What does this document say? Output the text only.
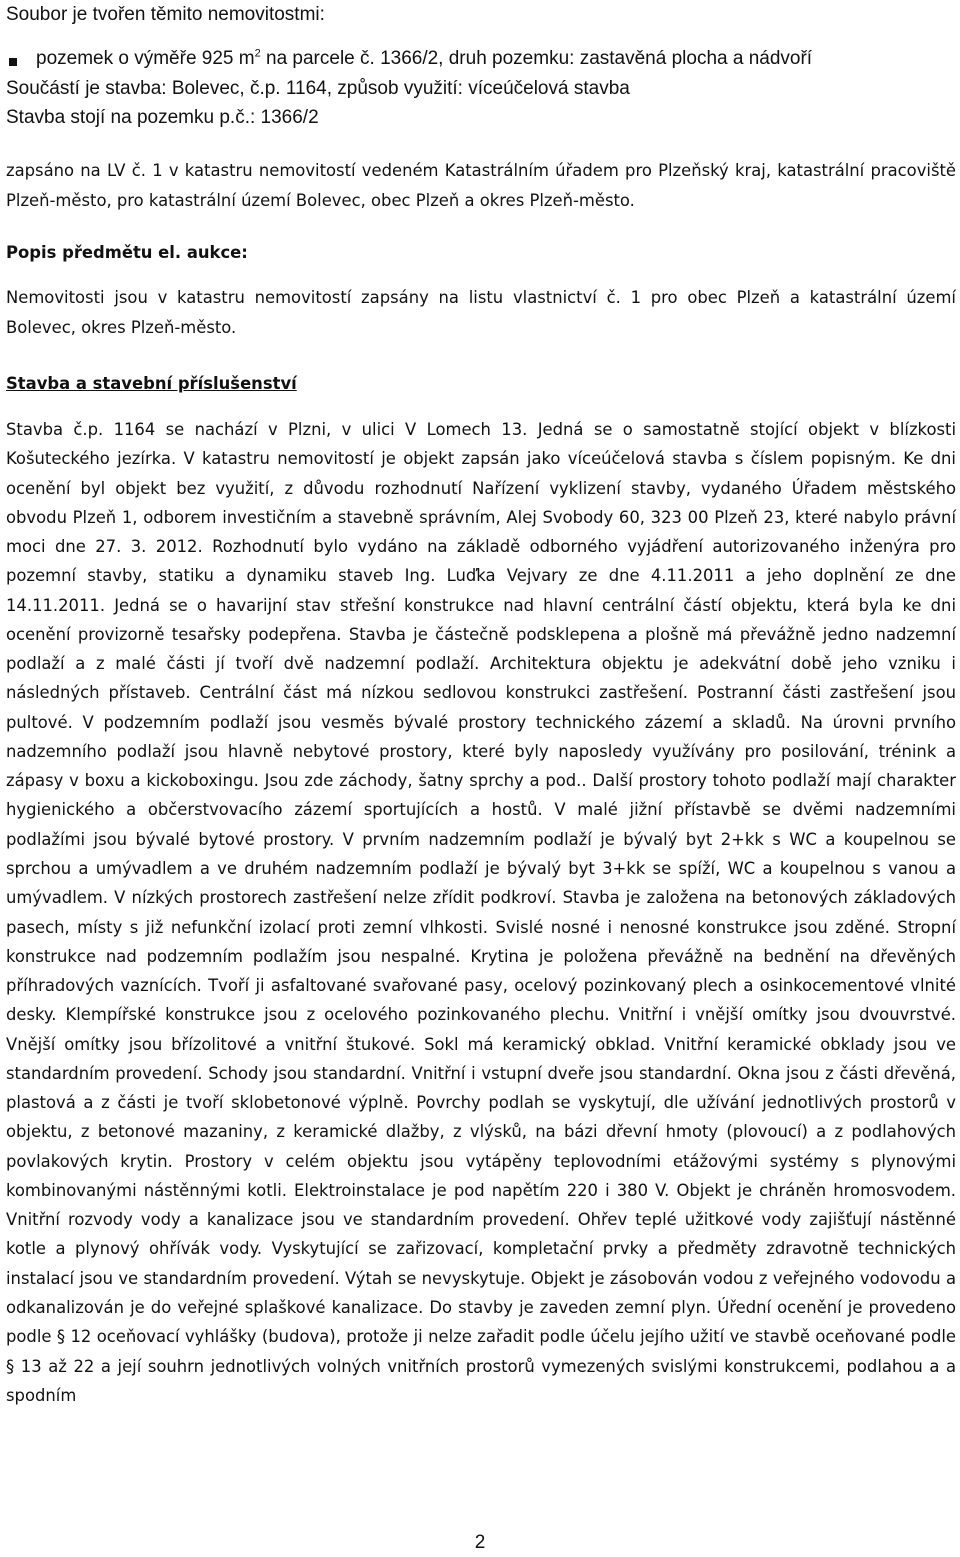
Soubor je tvořen těmito nemovitostmi:
pozemek o výměře 925 $m^2$ na parcele č. 1366/2, druh pozemku: zastavěná plocha a nádvoří
Součástí je stavba: Bolevec, č.p. 1164, způsob využití: víceúčelová stavba
Stavba stojí na pozemku p.č.: 1366/2
zapsáno na LV č. 1 v katastru nemovitostí vedeném Katastrálním úřadem pro Plzeňský kraj, katastrální pracoviště Plzeň-město, pro katastrální území Bolevec, obec Plzeň a okres Plzeň-město.
Popis předmětu el. aukce:
Nemovitosti jsou v katastru nemovitostí zapsány na listu vlastnictví č. 1 pro obec Plzeň a katastrální území Bolevec, okres Plzeň-město.
Stavba a stavební příslušenství
Stavba č.p. 1164 se nachází v Plzni, v ulici V Lomech 13. Jedná se o samostatně stojící objekt v blízkosti Košuteckého jezírka. V katastru nemovitostí je objekt zapsán jako víceúčelová stavba s číslem popisným. Ke dni ocenění byl objekt bez využití, z důvodu rozhodnutí Nařízení vyklizení stavby, vydaného Úřadem městského obvodu Plzeň 1, odborem investičním a stavebně správním, Alej Svobody 60, 323 00 Plzeň 23, které nabylo právní moci dne 27. 3. 2012. Rozhodnutí bylo vydáno na základě odborného vyjádření autorizovaného inženýra pro pozemní stavby, statiku a dynamiku staveb Ing. Luďka Vejvary ze dne 4.11.2011 a jeho doplnění ze dne 14.11.2011. Jedná se o havarijní stav střešní konstrukce nad hlavní centrální částí objektu, která byla ke dni ocenění provizorně tesařsky podepřena. Stavba je částečně podsklepena a plošně má převážně jedno nadzemní podlaží a z malé části jí tvoří dvě nadzemní podlaží. Architektura objektu je adekvátní době jeho vzniku i následných přístaveb. Centrální část má nízkou sedlovou konstrukci zastřešení. Postranní části zastřešení jsou pultové. V podzemním podlaží jsou vesměs bývalé prostory technického zázemí a skladů. Na úrovni prvního nadzemního podlaží jsou hlavně nebytové prostory, které byly naposledy využívány pro posilování, trénink a zápasy v boxu a kickoboxingu. Jsou zde záchody, šatny sprchy a pod.. Další prostory tohoto podlaží mají charakter hygienického a občerstvovacího zázemí sportujících a hostů. V malé jižní přístavbě se dvěmi nadzemními podlažími jsou bývalé bytové prostory. V prvním nadzemním podlaží je bývalý byt 2+kk s WC a koupelnou se sprchou a umývadlem a ve druhém nadzemním podlaží je bývalý byt 3+kk se spíží, WC a koupelnou s vanou a umývadlem. V nízkých prostorech zastřešení nelze zřídit podkroví. Stavba je založena na betonových základových pasech, místy s již nefunkční izolací proti zemní vlhkosti. Svislé nosné i nenosné konstrukce jsou zděné. Stropní konstrukce nad podzemním podlažím jsou nespalné. Krytina je položena převážně na bednění na dřevěných příhradových vaznících. Tvoří ji asfaltované svařované pasy, ocelový pozinkovaný plech a osinkocementové vlnité desky. Klempířské konstrukce jsou z ocelového pozinkovaného plechu. Vnitřní i vnější omítky jsou dvouvrstvé. Vnější omítky jsou břízolitové a vnitřní štukové. Sokl má keramický obklad. Vnitřní keramické obklady jsou ve standardním provedení. Schody jsou standardní. Vnitřní i vstupní dveře jsou standardní. Okna jsou z části dřevěná, plastová a z části je tvoří sklobetonové výplně. Povrchy podlah se vyskytují, dle užívání jednotlivých prostorů v objektu, z betonové mazaniny, z keramické dlažby, z vlýsků, na bázi dřevní hmoty (plovoucí) a z podlahových povlakových krytin. Prostory v celém objektu jsou vytápěny teplovodními etážovými systémy s plynovými kombinovanými nástěnnými kotli. Elektroinstalace je pod napětím 220 i 380 V. Objekt je chráněn hromosvodem. Vnitřní rozvody vody a kanalizace jsou ve standardním provedení. Ohřev teplé užitkové vody zajišťují nástěnné kotle a plynový ohřívák vody. Vyskytující se zařizovací, kompletační prvky a předměty zdravotně technických instalací jsou ve standardním provedení. Výtah se nevyskytuje. Objekt je zásobován vodou z veřejného vodovodu a odkanalizován je do veřejné splaškové kanalizace. Do stavby je zaveden zemní plyn. Úřední ocenění je provedeno podle § 12 oceňovací vyhlášky (budova), protože ji nelze zařadit podle účelu jejího užití ve stavbě oceňované podle § 13 až 22 a její souhrn jednotlivých volných vnitřních prostorů vymezených svislými konstrukcemi, podlahou a a spodním
2
